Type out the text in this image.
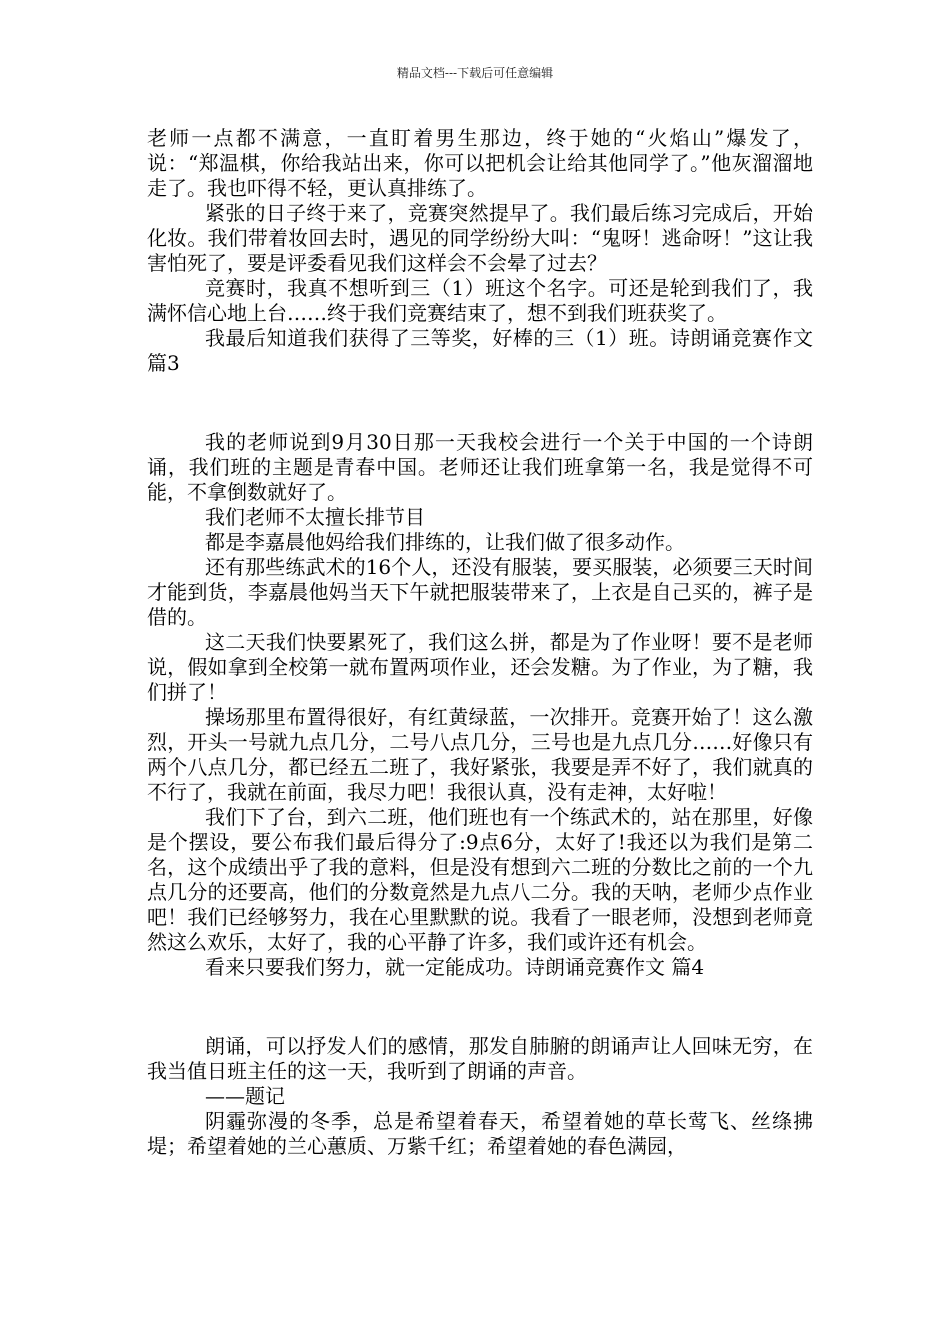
精品文档---下载后可任意编辑

老师一点都不满意，一直盯着男生那边，终于她的“火焰山”爆发了，说：“郑温棋，你给我站出来，你可以把机会让给其他同学了。”他灰溜溜地走了。我也吓得不轻，更认真排练了。

紧张的日子终于来了，竞赛突然提早了。我们最后练习完成后，开始化妆。我们带着妆回去时，遇见的同学纷纷大叫：“鬼呀！逃命呀！”这让我害怕死了，要是评委看见我们这样会不会晕了过去？

竞赛时，我真不想听到三（1）班这个名字。可还是轮到我们了，我满怀信心地上台……终于我们竞赛结束了，想不到我们班获奖了。

我最后知道我们获得了三等奖，好棒的三（1）班。诗朗诵竞赛作文 篇3

我的老师说到9月30日那一天我校会进行一个关于中国的一个诗朗诵，我们班的主题是青春中国。老师还让我们班拿第一名，我是觉得不可能，不拿倒数就好了。

我们老师不太擅长排节目

都是李嘉晨他妈给我们排练的，让我们做了很多动作。

还有那些练武术的16个人，还没有服装，要买服装，必须要三天时间才能到货，李嘉晨他妈当天下午就把服装带来了，上衣是自己买的，裤子是借的。

这二天我们快要累死了，我们这么拼，都是为了作业呀！要不是老师说，假如拿到全校第一就布置两项作业，还会发糖。为了作业，为了糖，我们拼了！

操场那里布置得很好，有红黄绿蓝，一次排开。竞赛开始了！这么激烈，开头一号就九点几分，二号八点几分，三号也是九点几分……好像只有两个八点几分，都已经五二班了，我好紧张，我要是弄不好了，我们就真的不行了，我就在前面，我尽力吧！我很认真，没有走神，太好啦！

我们下了台，到六二班，他们班也有一个练武术的，站在那里，好像是个摆设，要公布我们最后得分了:9点6分，太好了!我还以为我们是第二名，这个成绩出乎了我的意料，但是没有想到六二班的分数比之前的一个九点几分的还要高，他们的分数竟然是九点八二分。我的天呐，老师少点作业吧！我们已经够努力，我在心里默默的说。我看了一眼老师，没想到老师竟然这么欢乐，太好了，我的心平静了许多，我们或许还有机会。

看来只要我们努力，就一定能成功。诗朗诵竞赛作文 篇4

朗诵，可以抒发人们的感情，那发自肺腑的朗诵声让人回味无穷，在我当值日班主任的这一天，我听到了朗诵的声音。

——题记

阴霾弥漫的冬季，总是希望着春天，希望着她的草长莺飞、丝绦拂堤；希望着她的兰心蕙质、万紫千红；希望着她的春色满园，
